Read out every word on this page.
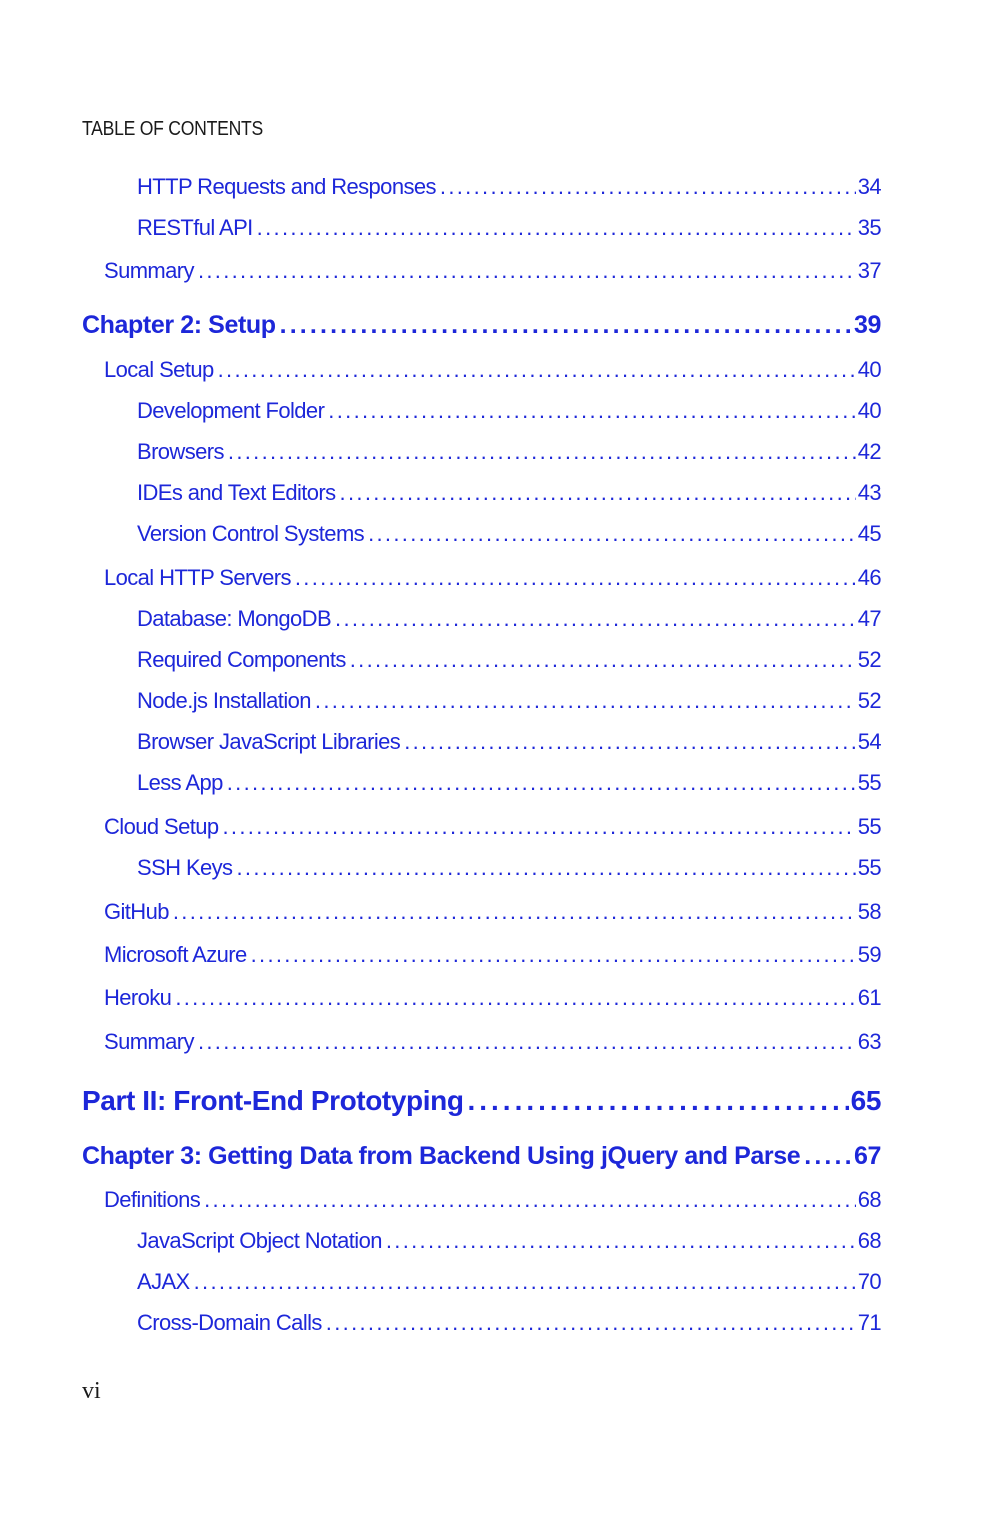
TABLE OF CONTENTS
HTTP Requests and Responses . . .	34
RESTful API . . .	35
Summary . . .	37
Chapter 2: Setup . . .	39
Local Setup . . .	40
Development Folder . . .	40
Browsers . . .	42
IDEs and Text Editors . . .	43
Version Control Systems . . .	45
Local HTTP Servers . . .	46
Database: MongoDB . . .	47
Required Components . . .	52
Node.js Installation . . .	52
Browser JavaScript Libraries . . .	54
Less App . . .	55
Cloud Setup . . .	55
SSH Keys . . .	55
GitHub . . .	58
Microsoft Azure . . .	59
Heroku . . .	61
Summary . . .	63
Part II: Front-End Prototyping . . .	65
Chapter 3: Getting Data from Backend Using jQuery and Parse . . . 67
Definitions . . .	68
JavaScript Object Notation . . .	68
AJAX . . .	70
Cross-Domain Calls . . .	71
vi
